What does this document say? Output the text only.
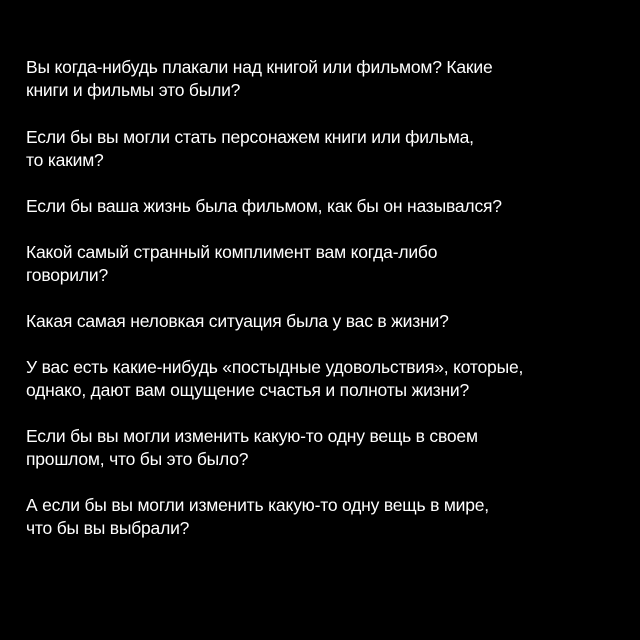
Вы когда-нибудь плакали над книгой или фильмом? Какие
книги и фильмы это были?
Если бы вы могли стать персонажем книги или фильма,
то каким?
Если бы ваша жизнь была фильмом, как бы он назывался?
Какой самый странный комплимент вам когда-либо
говорили?
Какая самая неловкая ситуация была у вас в жизни?
У вас есть какие-нибудь «постыдные удовольствия», которые,
однако, дают вам ощущение счастья и полноты жизни?
Если бы вы могли изменить какую-то одну вещь в своем
прошлом, что бы это было?
А если бы вы могли изменить какую-то одну вещь в мире,
что бы вы выбрали?
